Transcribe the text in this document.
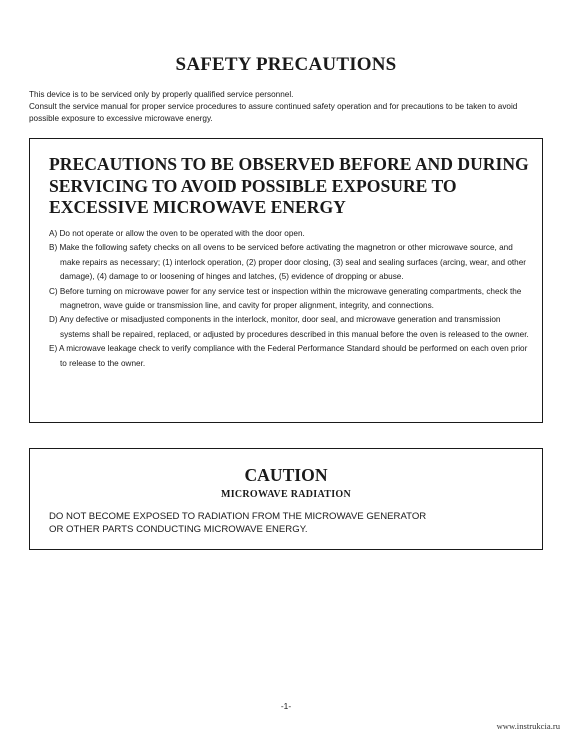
SAFETY PRECAUTIONS

This device is to be serviced only by properly qualified service personnel.

Consult the service manual for proper service procedures to assure continued safety operation and for precautions to be taken to avoid possible exposure to excessive microwave energy.

PRECAUTIONS TO BE OBSERVED BEFORE AND DURING
SERVICING TO AVOID POSSIBLE EXPOSURE TO
EXCESSIVE MICROWAVE ENERGY
A) Do not operate or allow the oven to be operated with the door open.
B) Make the following safety checks on all ovens to be serviced before activating the magnetron or other microwave source, and make repairs as necessary; (1) interlock operation, (2) proper door closing, (3) seal and sealing surfaces (arcing, wear, and other damage), (4) damage to or loosening of hinges and latches, (5) evidence of dropping or abuse.
C) Before turning on microwave power for any service test or inspection within the microwave generating compartments, check the magnetron, wave guide or transmission line, and cavity for proper alignment, integrity, and connections.
D) Any defective or misadjusted components in the interlock, monitor, door seal, and microwave generation and transmission systems shall be repaired, replaced, or adjusted by procedures described in this manual before the oven is released to the owner.
E) A microwave leakage check to verify compliance with the Federal Performance Standard should be performed on each oven prior to release to the owner.
CAUTION
MICROWAVE RADIATION

DO NOT BECOME EXPOSED TO RADIATION FROM THE MICROWAVE GENERATOR
OR OTHER PARTS CONDUCTING MICROWAVE ENERGY.

-1-
www.instrukcia.ru
